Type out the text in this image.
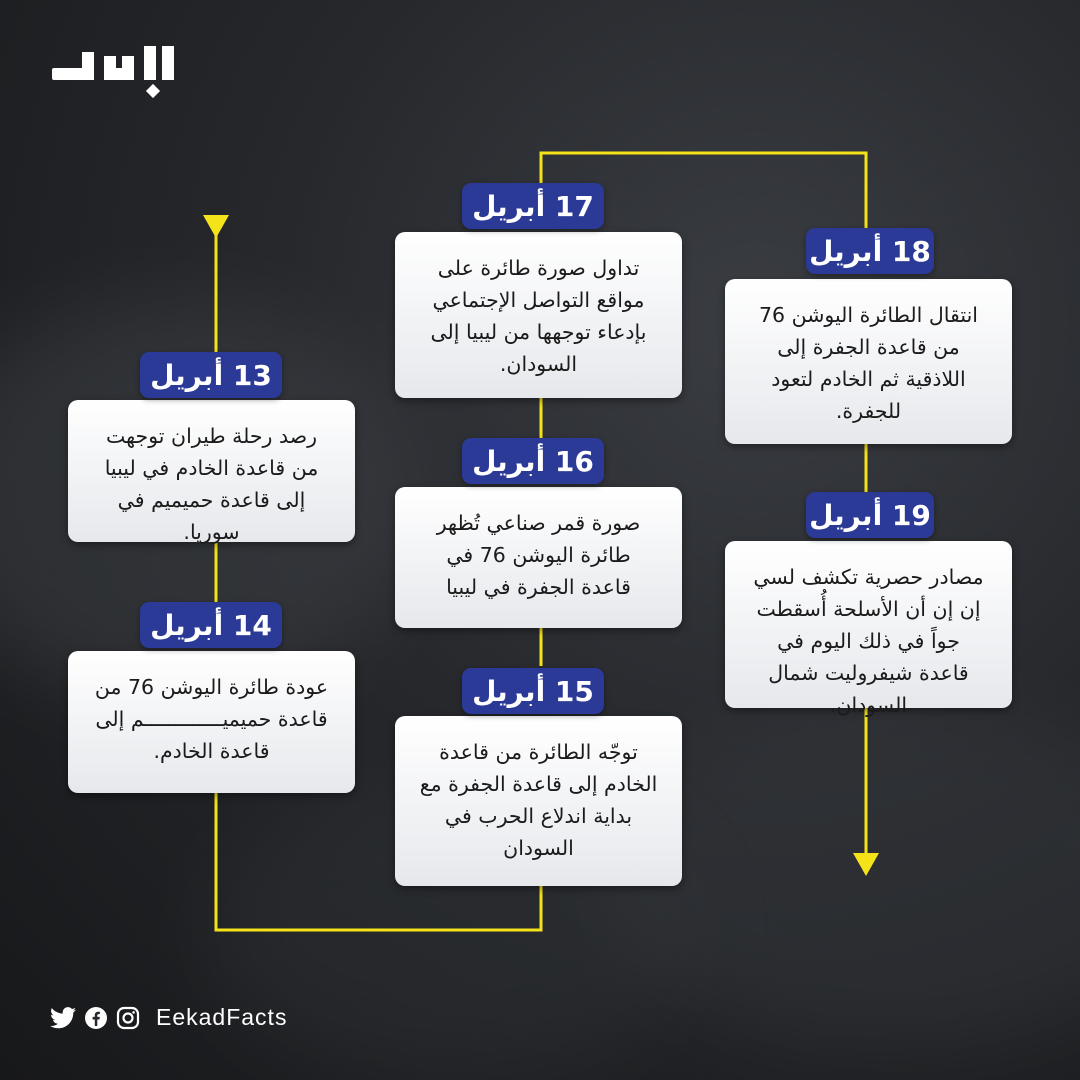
13 أبريل
رصد رحلة طيران توجهت من قاعدة الخادم في ليبيا إلى قاعدة حميميم في سوريا.
14 أبريل
عودة طائرة اليوشن 76 من قاعدة حميميـــــــــــــم إلى قاعدة الخادم.
15 أبريل
توجّه الطائرة من قاعدة الخادم إلى قاعدة الجفرة مع بداية اندلاع الحرب في السودان
16 أبريل
صورة قمر صناعي تُظهر طائرة اليوشن 76 في قاعدة الجفرة في ليبيا
17 أبريل
تداول صورة طائرة على مواقع التواصل الإجتماعي بإدعاء توجهها من ليبيا إلى السودان.
18 أبريل
انتقال الطائرة اليوشن 76 من قاعدة الجفرة إلى اللاذقية ثم الخادم لتعود للجفرة.
19 أبريل
مصادر حصرية تكشف لسي إن إن أن الأسلحة أُسقطت جواً في ذلك اليوم في قاعدة شيفروليت شمال السودان.
EekadFacts
